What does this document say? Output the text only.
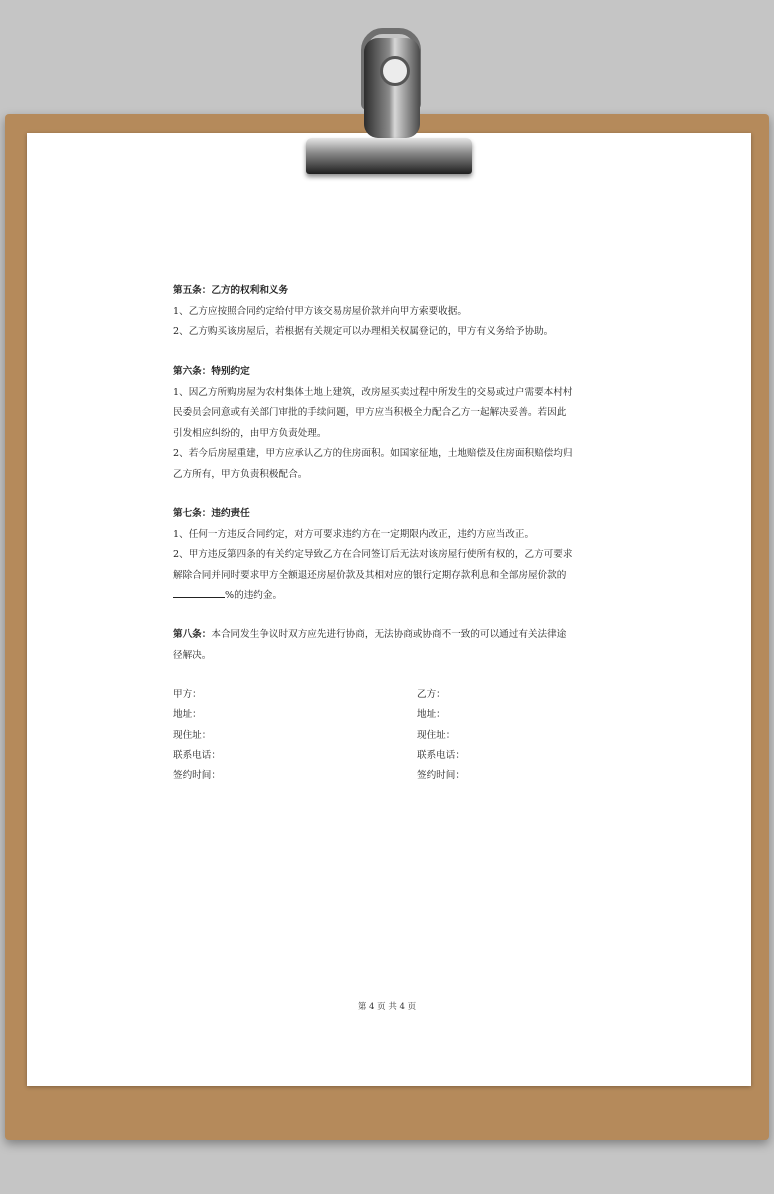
第五条：乙方的权利和义务

1、乙方应按照合同约定给付甲方该交易房屋价款并向甲方索要收据。

2、乙方购买该房屋后，若根据有关规定可以办理相关权属登记的，甲方有义务给予协助。

第六条：特别约定

1、因乙方所购房屋为农村集体土地上建筑，改房屋买卖过程中所发生的交易或过户需要本村村

民委员会同意或有关部门审批的手续问题，甲方应当积极全力配合乙方一起解决妥善。若因此

引发相应纠纷的，由甲方负责处理。

2、若今后房屋重建，甲方应承认乙方的住房面积。如国家征地，土地赔偿及住房面积赔偿均归

乙方所有，甲方负责积极配合。

第七条：违约责任

1、任何一方违反合同约定，对方可要求违约方在一定期限内改正，违约方应当改正。

2、甲方违反第四条的有关约定导致乙方在合同签订后无法对该房屋行使所有权的，乙方可要求

解除合同并同时要求甲方全额退还房屋价款及其相对应的银行定期存款利息和全部房屋价款的

%的违约金。

第八条：本合同发生争议时双方应先进行协商，无法协商或协商不一致的可以通过有关法律途

径解决。

甲方：

地址：

现住址：

联系电话：

签约时间：

乙方：

地址：

现住址：

联系电话：

签约时间：

第 4 页 共 4 页
